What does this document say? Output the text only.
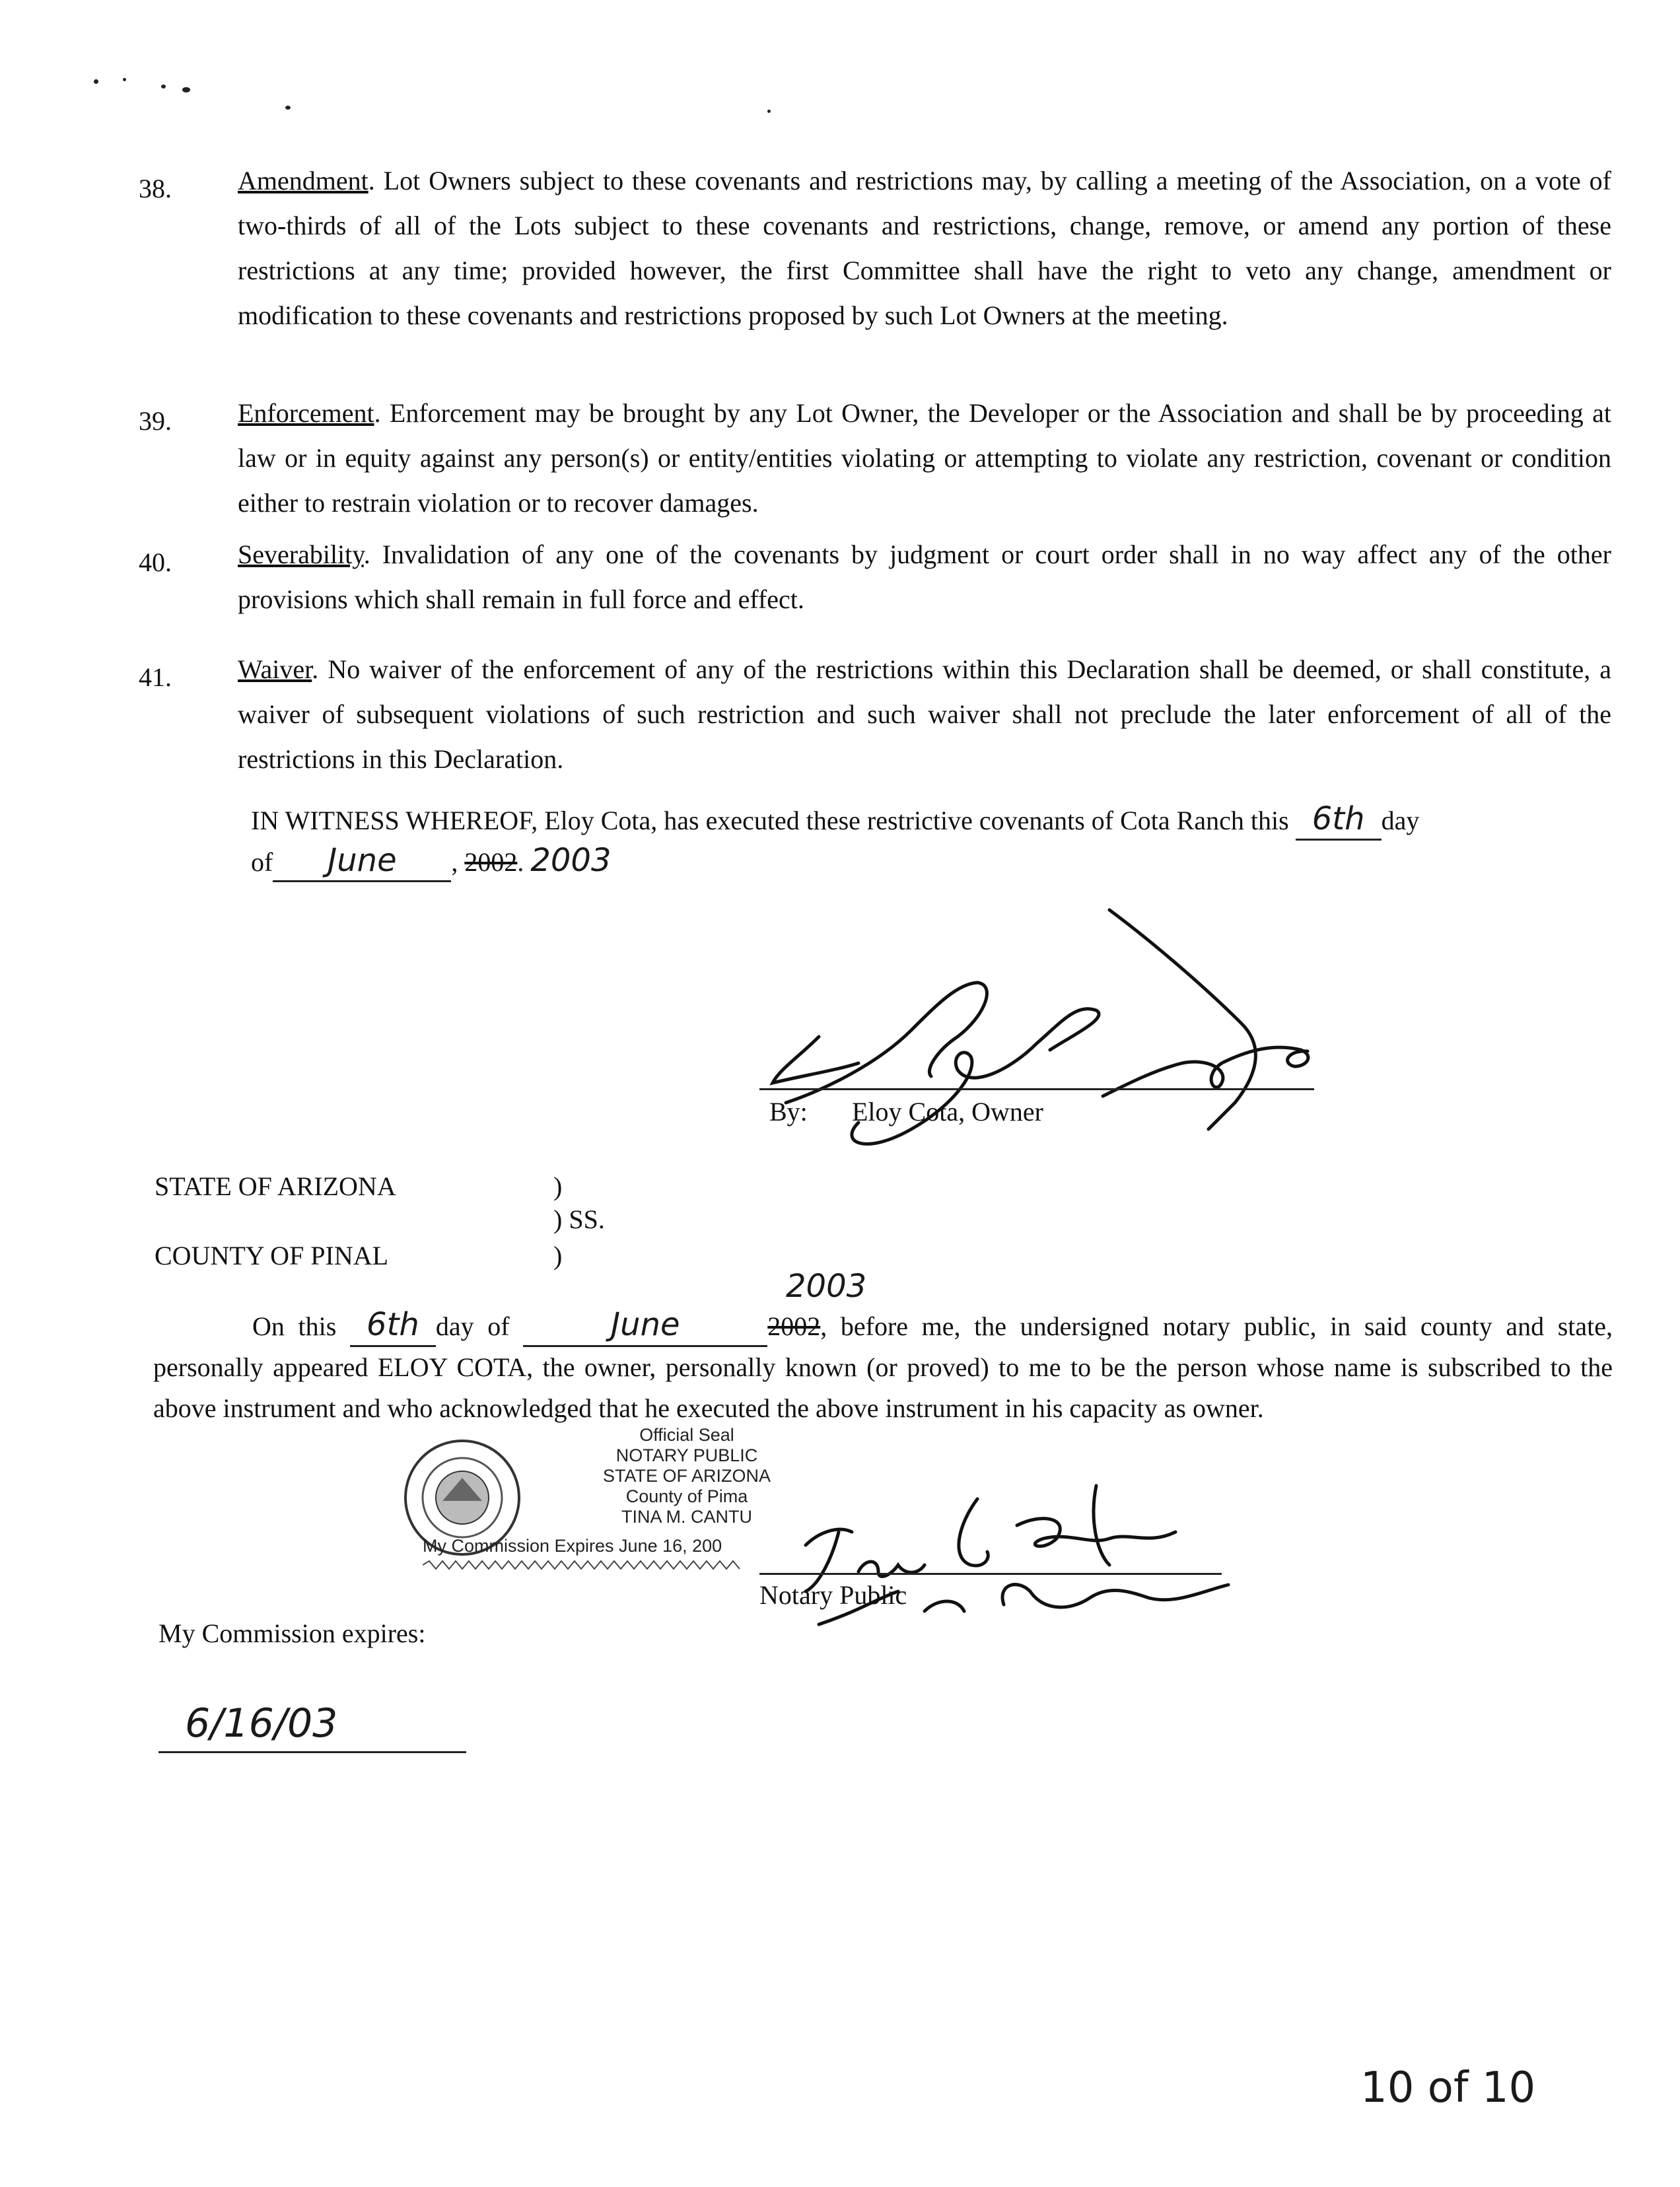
38.	Amendment. Lot Owners subject to these covenants and restrictions may, by calling a meeting of the Association, on a vote of two-thirds of all of the Lots subject to these covenants and restrictions, change, remove, or amend any portion of these restrictions at any time; provided however, the first Committee shall have the right to veto any change, amendment or modification to these covenants and restrictions proposed by such Lot Owners at the meeting.
39.	Enforcement. Enforcement may be brought by any Lot Owner, the Developer or the Association and shall be by proceeding at law or in equity against any person(s) or entity/entities violating or attempting to violate any restriction, covenant or condition either to restrain violation or to recover damages.
40.	Severability. Invalidation of any one of the covenants by judgment or court order shall in no way affect any of the other provisions which shall remain in full force and effect.
41.	Waiver. No waiver of the enforcement of any of the restrictions within this Declaration shall be deemed, or shall constitute, a waiver of subsequent violations of such restriction and such waiver shall not preclude the later enforcement of all of the restrictions in this Declaration.
IN WITNESS WHEREOF, Eloy Cota, has executed these restrictive covenants of Cota Ranch this 6th day
of June , 2002. 2003
By: Eloy Cota, Owner
STATE OF ARIZONA	)
) SS.
COUNTY OF PINAL	)
2003
On this 6th day of	June	2002, before me, the undersigned notary public, in said county and state, personally appeared ELOY COTA, the owner, personally known (or proved) to me to be the person whose name is subscribed to the above instrument and who acknowledged that he executed the above instrument in his capacity as owner.
Official Seal
NOTARY PUBLIC
STATE OF ARIZONA
County of Pima
TINA M. CANTU
My Commission Expires June 16, 200
Notary Public
My Commission expires:
6/16/03
10 of 10
